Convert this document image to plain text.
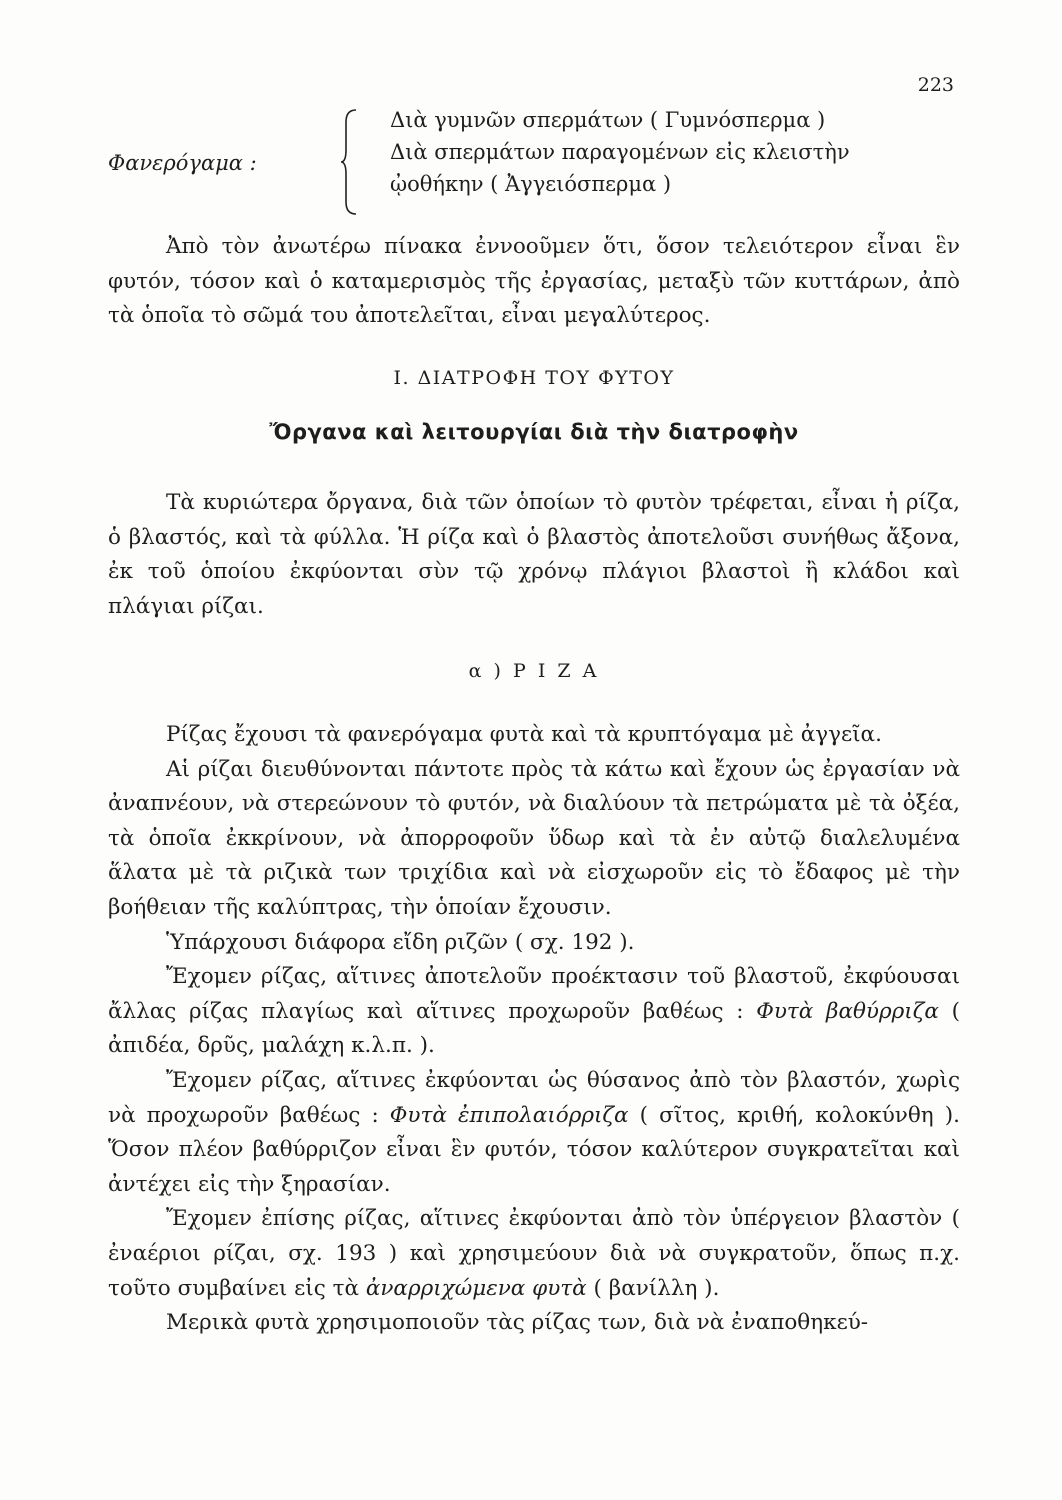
223
Φανερόγαμα :
Διὰ γυμνῶν σπερμάτων ( Γυμνόσπερμα )
Διὰ σπερμάτων παραγομένων εἰς κλειστὴν
ᾠοθήκην ( Ἀγγειόσπερμα )

Ἀπὸ τὸν ἀνωτέρω πίνακα ἐννοοῦμεν ὅτι, ὅσον τελειότερον εἶναι ἓν φυτόν, τόσον καὶ ὁ καταμερισμὸς τῆς ἐργασίας, μεταξὺ τῶν κυττάρων, ἀπὸ τὰ ὁποῖα τὸ σῶμά του ἀποτελεῖται, εἶναι μεγαλύτερος.

Ι. ΔΙΑΤΡΟΦΗ ΤΟΥ ΦΥΤΟΥ
Ὄργανα καὶ λειτουργίαι διὰ τὴν διατροφὴν

Τὰ κυριώτερα ὄργανα, διὰ τῶν ὁποίων τὸ φυτὸν τρέφεται, εἶναι ἡ ρίζα, ὁ βλαστός, καὶ τὰ φύλλα. Ἡ ρίζα καὶ ὁ βλαστὸς ἀποτελοῦσι συνήθως ἄξονα, ἐκ τοῦ ὁποίου ἐκφύονται σὺν τῷ χρόνῳ πλάγιοι βλαστοὶ ἢ κλάδοι καὶ πλάγιαι ρίζαι.

α ) Ρ Ι Ζ Α

Ρίζας ἔχουσι τὰ φανερόγαμα φυτὰ καὶ τὰ κρυπτόγαμα μὲ ἀγγεῖα.

Αἱ ρίζαι διευθύνονται πάντοτε πρὸς τὰ κάτω καὶ ἔχουν ὡς ἐργασίαν νὰ ἀναπνέουν, νὰ στερεώνουν τὸ φυτόν, νὰ διαλύουν τὰ πετρώματα μὲ τὰ ὀξέα, τὰ ὁποῖα ἐκκρίνουν, νὰ ἀπορροφοῦν ὕδωρ καὶ τὰ ἐν αὐτῷ διαλελυμένα ἅλατα μὲ τὰ ριζικὰ των τριχίδια καὶ νὰ εἰσχωροῦν εἰς τὸ ἔδαφος μὲ τὴν βοήθειαν τῆς καλύπτρας, τὴν ὁποίαν ἔχουσιν.

Ὑπάρχουσι διάφορα εἴδη ριζῶν ( σχ. 192 ).

Ἔχομεν ρίζας, αἵτινες ἀποτελοῦν προέκτασιν τοῦ βλαστοῦ, ἐκφύουσαι ἄλλας ρίζας πλαγίως καὶ αἵτινες προχωροῦν βαθέως : Φυτὰ βαθύρριζα ( ἀπιδέα, δρῦς, μαλάχη κ.λ.π. ).

Ἔχομεν ρίζας, αἵτινες ἐκφύονται ὡς θύσανος ἀπὸ τὸν βλαστόν, χωρὶς νὰ προχωροῦν βαθέως : Φυτὰ ἐπιπολαιόρριζα ( σῖτος, κριθή, κολοκύνθη ). Ὅσον πλέον βαθύρριζον εἶναι ἓν φυτόν, τόσον καλύτερον συγκρατεῖται καὶ ἀντέχει εἰς τὴν ξηρασίαν.

Ἔχομεν ἐπίσης ρίζας, αἵτινες ἐκφύονται ἀπὸ τὸν ὑπέργειον βλαστὸν ( ἐναέριοι ρίζαι, σχ. 193 ) καὶ χρησιμεύουν διὰ νὰ συγκρατοῦν, ὅπως π.χ. τοῦτο συμβαίνει εἰς τὰ ἀναρριχώμενα φυτὰ ( βανίλλη ).

Μερικὰ φυτὰ χρησιμοποιοῦν τὰς ρίζας των, διὰ νὰ ἐναποθηκεύ-
